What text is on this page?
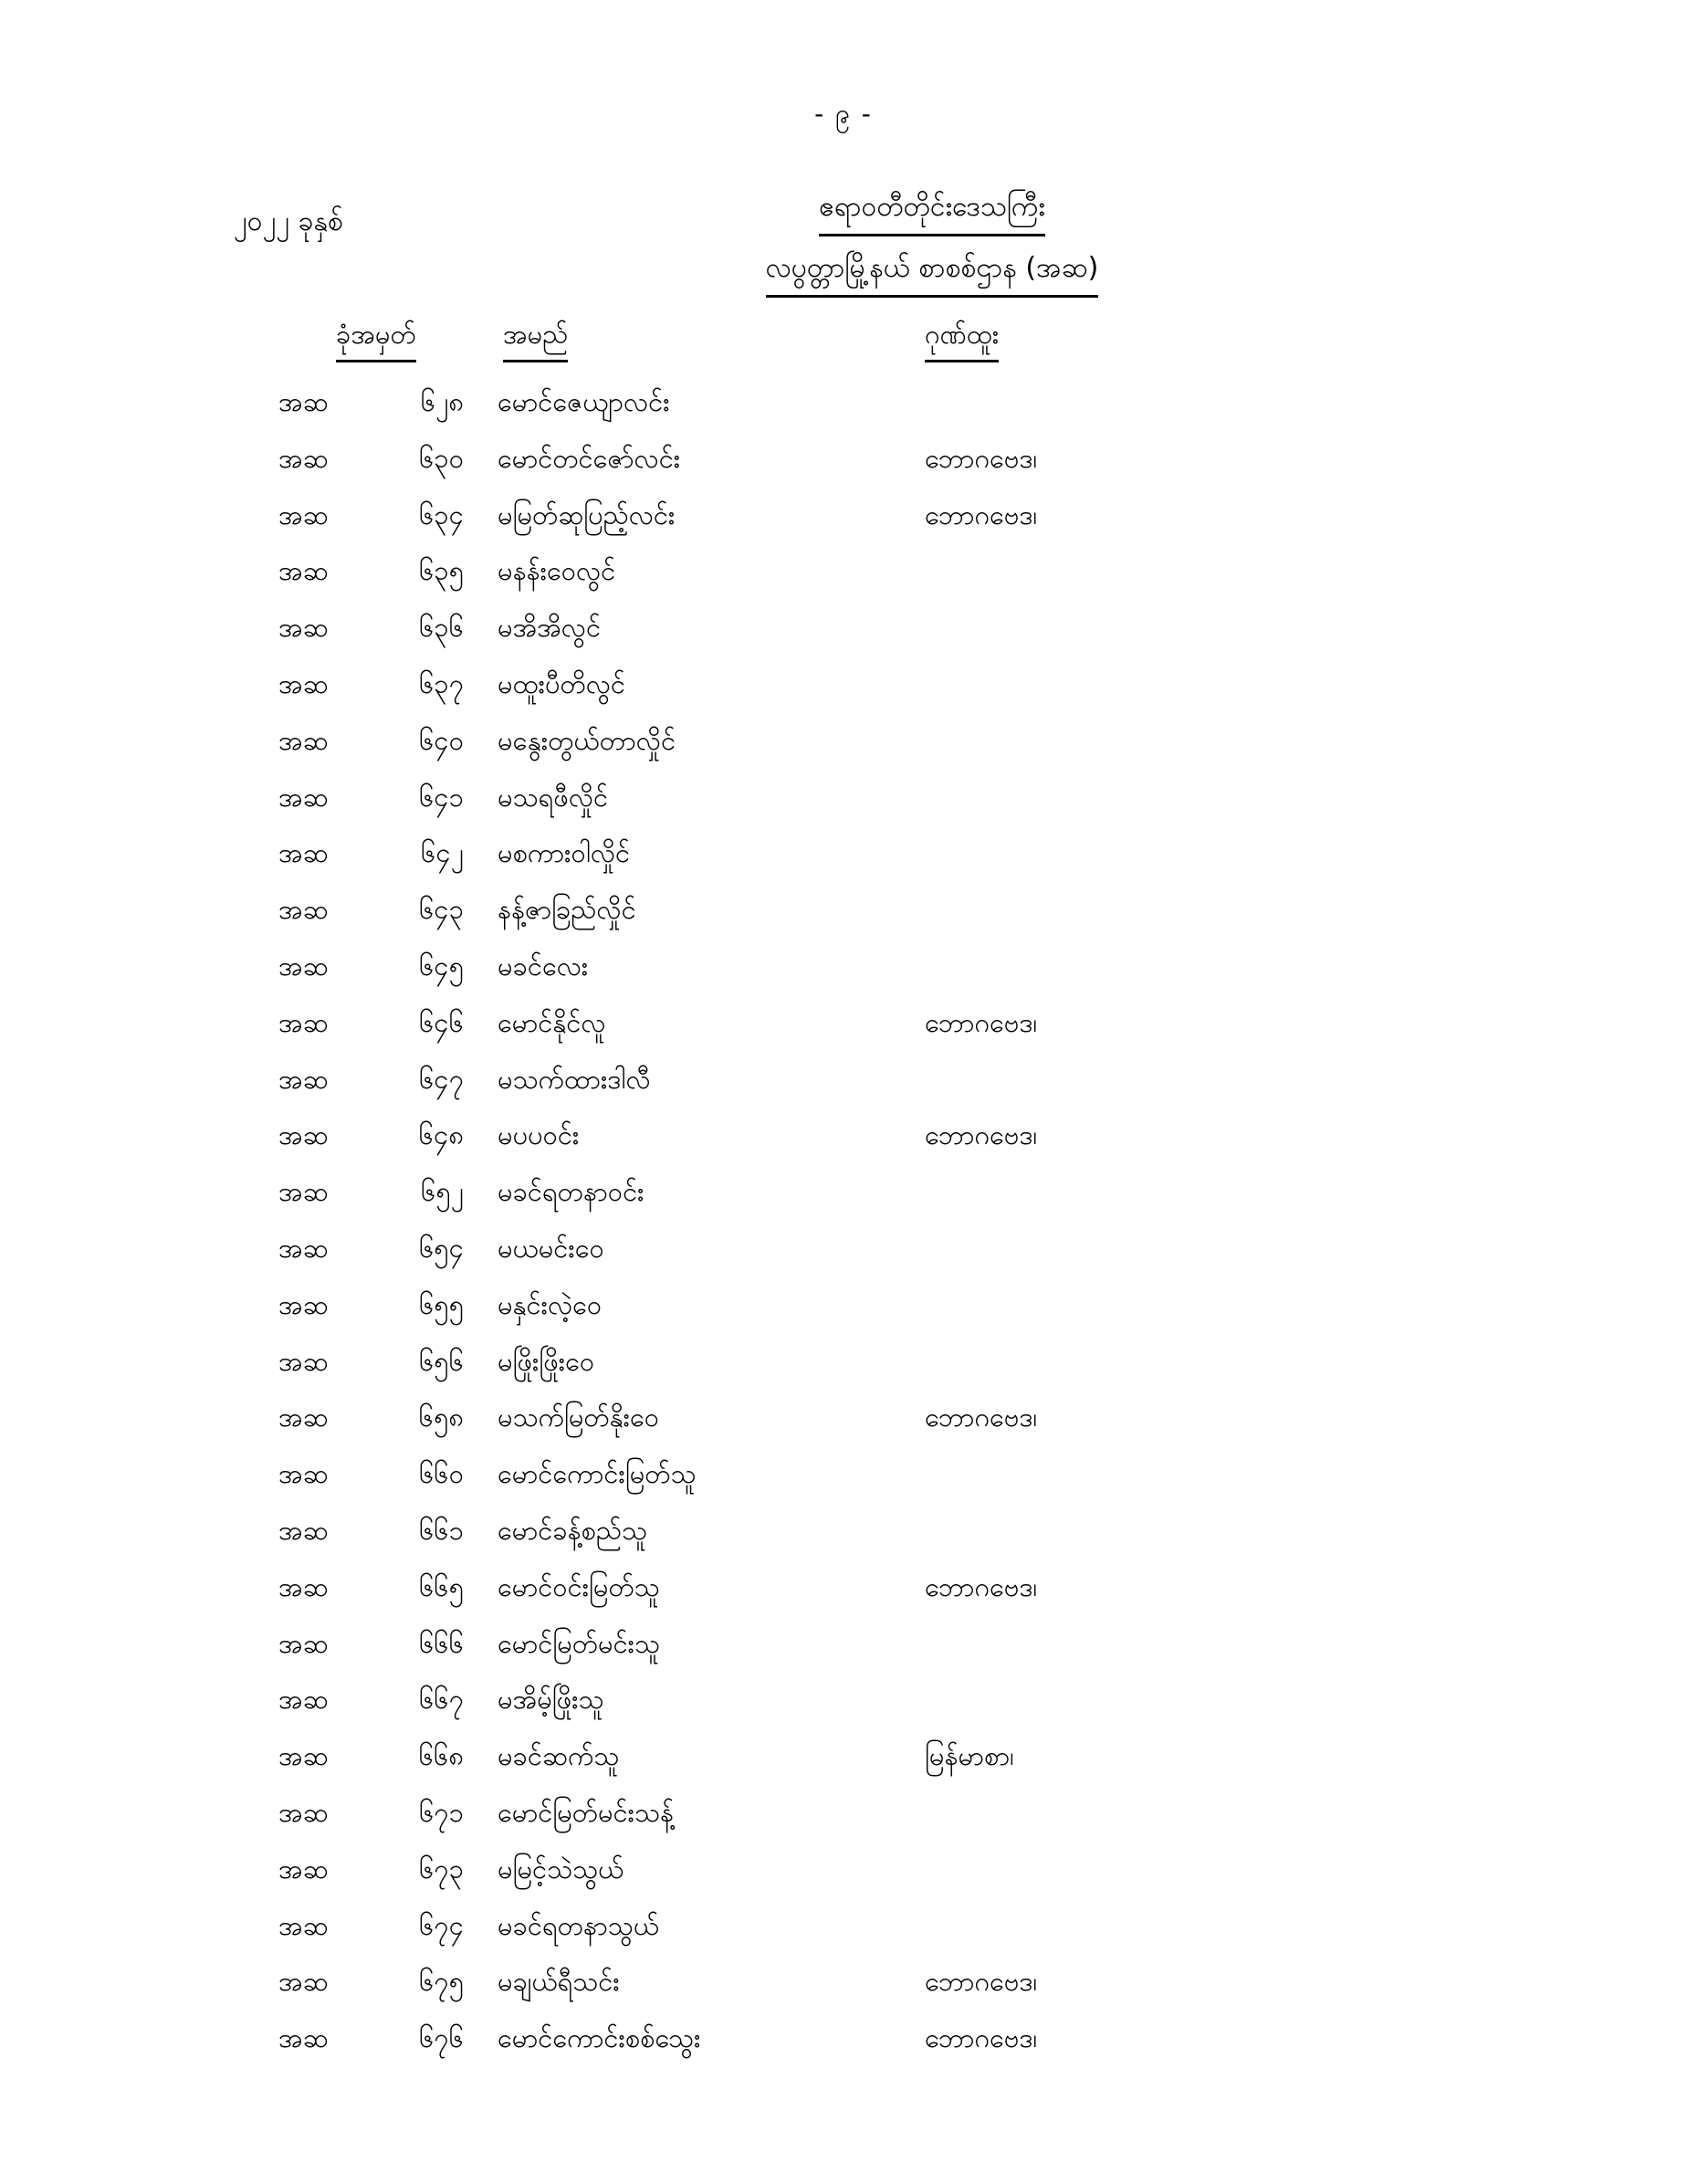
- ၉ -
၂၀၂၂ ခုနှစ်	ဧရာဝတီတိုင်းဒေသကြီး
လပွတ္တာမြို့နယ် စာစစ်ဌာန (အဆ)
ခုံအမှတ်	အမည်	ဂုဏ်ထူး
အဆ	၆၂၈ မောင်ဇေယျာလင်း
အဆ	၆၃၀ မောင်တင်ဇော်လင်း	ဘောဂဗေဒ၊
အဆ	၆၃၄ မမြတ်ဆုပြည့်လင်း	ဘောဂဗေဒ၊
အဆ	၆၃၅ မနန်းဝေလွင်
အဆ	၆၃၆ မအိအိလွင်
အဆ	၆၃၇ မထူးပီတိလွင်
အဆ	၆၄၀ မနွေးတွယ်တာလှိုင်
အဆ	၆၄၁ မသရဖီလှိုင်
အဆ	၆၄၂ မစကားဝါလှိုင်
အဆ	၆၄၃ နန့်ဇာခြည်လှိုင်
အဆ	၆၄၅ မခင်လေး
အဆ	၆၄၆ မောင်နိုင်လူ	ဘောဂဗေဒ၊
အဆ	၆၄၇ မသက်ထားဒါလီ
အဆ	၆၄၈ မပပဝင်း	ဘောဂဗေဒ၊
အဆ	၆၅၂ မခင်ရတနာဝင်း
အဆ	၆၅၄ မယမင်းဝေ
အဆ	၆၅၅ မနှင်းလဲ့ဝေ
အဆ	၆၅၆ မဖြိုးဖြိုးဝေ
အဆ	၆၅၈ မသက်မြတ်နိုးဝေ	ဘောဂဗေဒ၊
အဆ	၆၆၀ မောင်ကောင်းမြတ်သူ
အဆ	၆၆၁ မောင်ခန့်စည်သူ
အဆ	၆၆၅ မောင်ဝင်းမြတ်သူ	ဘောဂဗေဒ၊
အဆ	၆၆၆ မောင်မြတ်မင်းသူ
အဆ	၆၆၇ မအိမ့်ဖြိုးသူ
အဆ	၆၆၈ မခင်ဆက်သူ	မြန်မာစာ၊
အဆ	၆၇၁ မောင်မြတ်မင်းသန့်
အဆ	၆၇၃ မမြင့်သဲသွယ်
အဆ	၆၇၄ မခင်ရတနာသွယ်
အဆ	၆၇၅ မချယ်ရီသင်း	ဘောဂဗေဒ၊
အဆ	၆၇၆ မောင်ကောင်းစစ်သွေး	ဘောဂဗေဒ၊
